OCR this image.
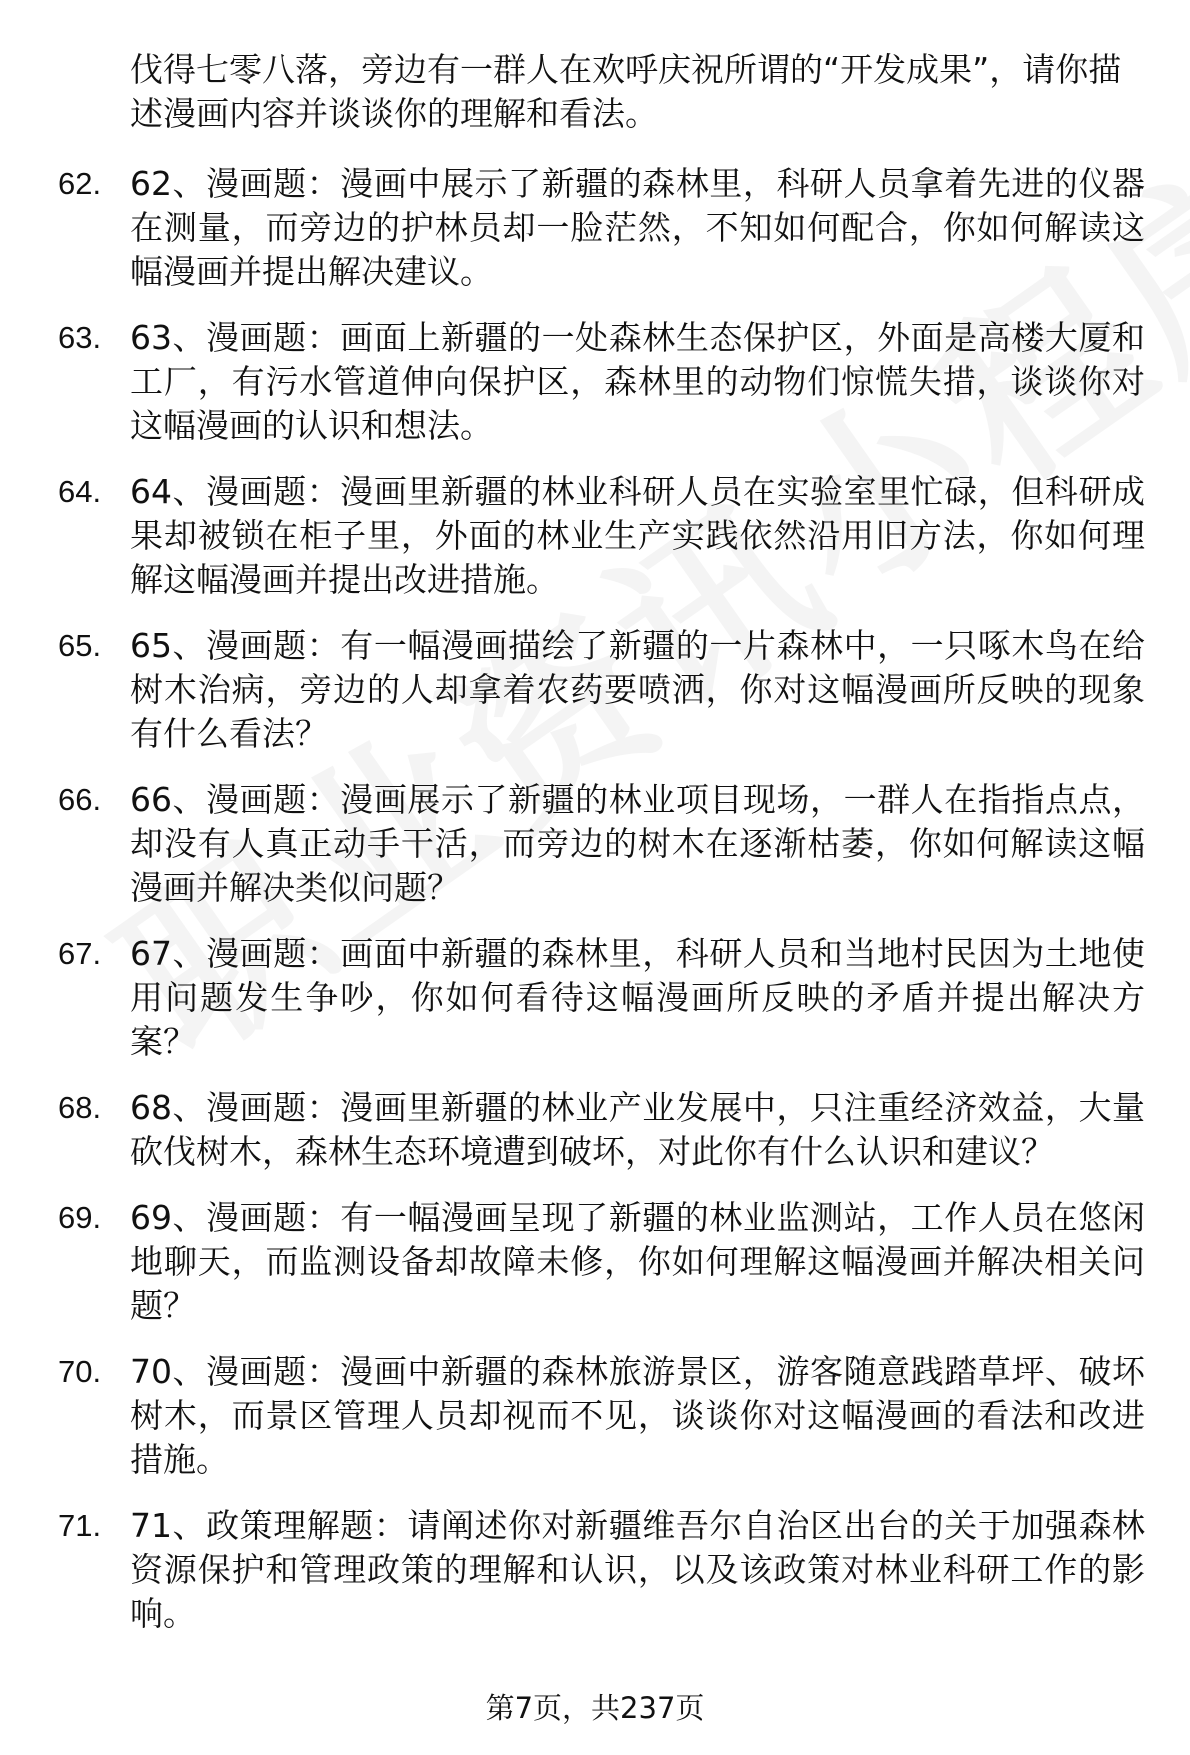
伐得七零八落，旁边有一群人在欢呼庆祝所谓的“开发成果”，请你描述漫画内容并谈谈你的理解和看法。

62. 62、漫画题：漫画中展示了新疆的森林里，科研人员拿着先进的仪器在测量，而旁边的护林员却一脸茫然，不知如何配合，你如何解读这幅漫画并提出解决建议。
63. 63、漫画题：画面上新疆的一处森林生态保护区，外面是高楼大厦和工厂，有污水管道伸向保护区，森林里的动物们惊慌失措，谈谈你对这幅漫画的认识和想法。
64. 64、漫画题：漫画里新疆的林业科研人员在实验室里忙碌，但科研成果却被锁在柜子里，外面的林业生产实践依然沿用旧方法，你如何理解这幅漫画并提出改进措施。
65. 65、漫画题：有一幅漫画描绘了新疆的一片森林中，一只啄木鸟在给树木治病，旁边的人却拿着农药要喷洒，你对这幅漫画所反映的现象有什么看法？
66. 66、漫画题：漫画展示了新疆的林业项目现场，一群人在指指点点，却没有人真正动手干活，而旁边的树木在逐渐枯萎，你如何解读这幅漫画并解决类似问题？
67. 67、漫画题：画面中新疆的森林里，科研人员和当地村民因为土地使用问题发生争吵，你如何看待这幅漫画所反映的矛盾并提出解决方案？
68. 68、漫画题：漫画里新疆的林业产业发展中，只注重经济效益，大量砍伐树木，森林生态环境遭到破坏，对此你有什么认识和建议？
69. 69、漫画题：有一幅漫画呈现了新疆的林业监测站，工作人员在悠闲地聊天，而监测设备却故障未修，你如何理解这幅漫画并解决相关问题？
70. 70、漫画题：漫画中新疆的森林旅游景区，游客随意践踏草坪、破坏树木，而景区管理人员却视而不见，谈谈你对这幅漫画的看法和改进措施。
71. 71、政策理解题：请阐述你对新疆维吾尔自治区出台的关于加强森林资源保护和管理政策的理解和认识，以及该政策对林业科研工作的影响。
第7页，共237页
